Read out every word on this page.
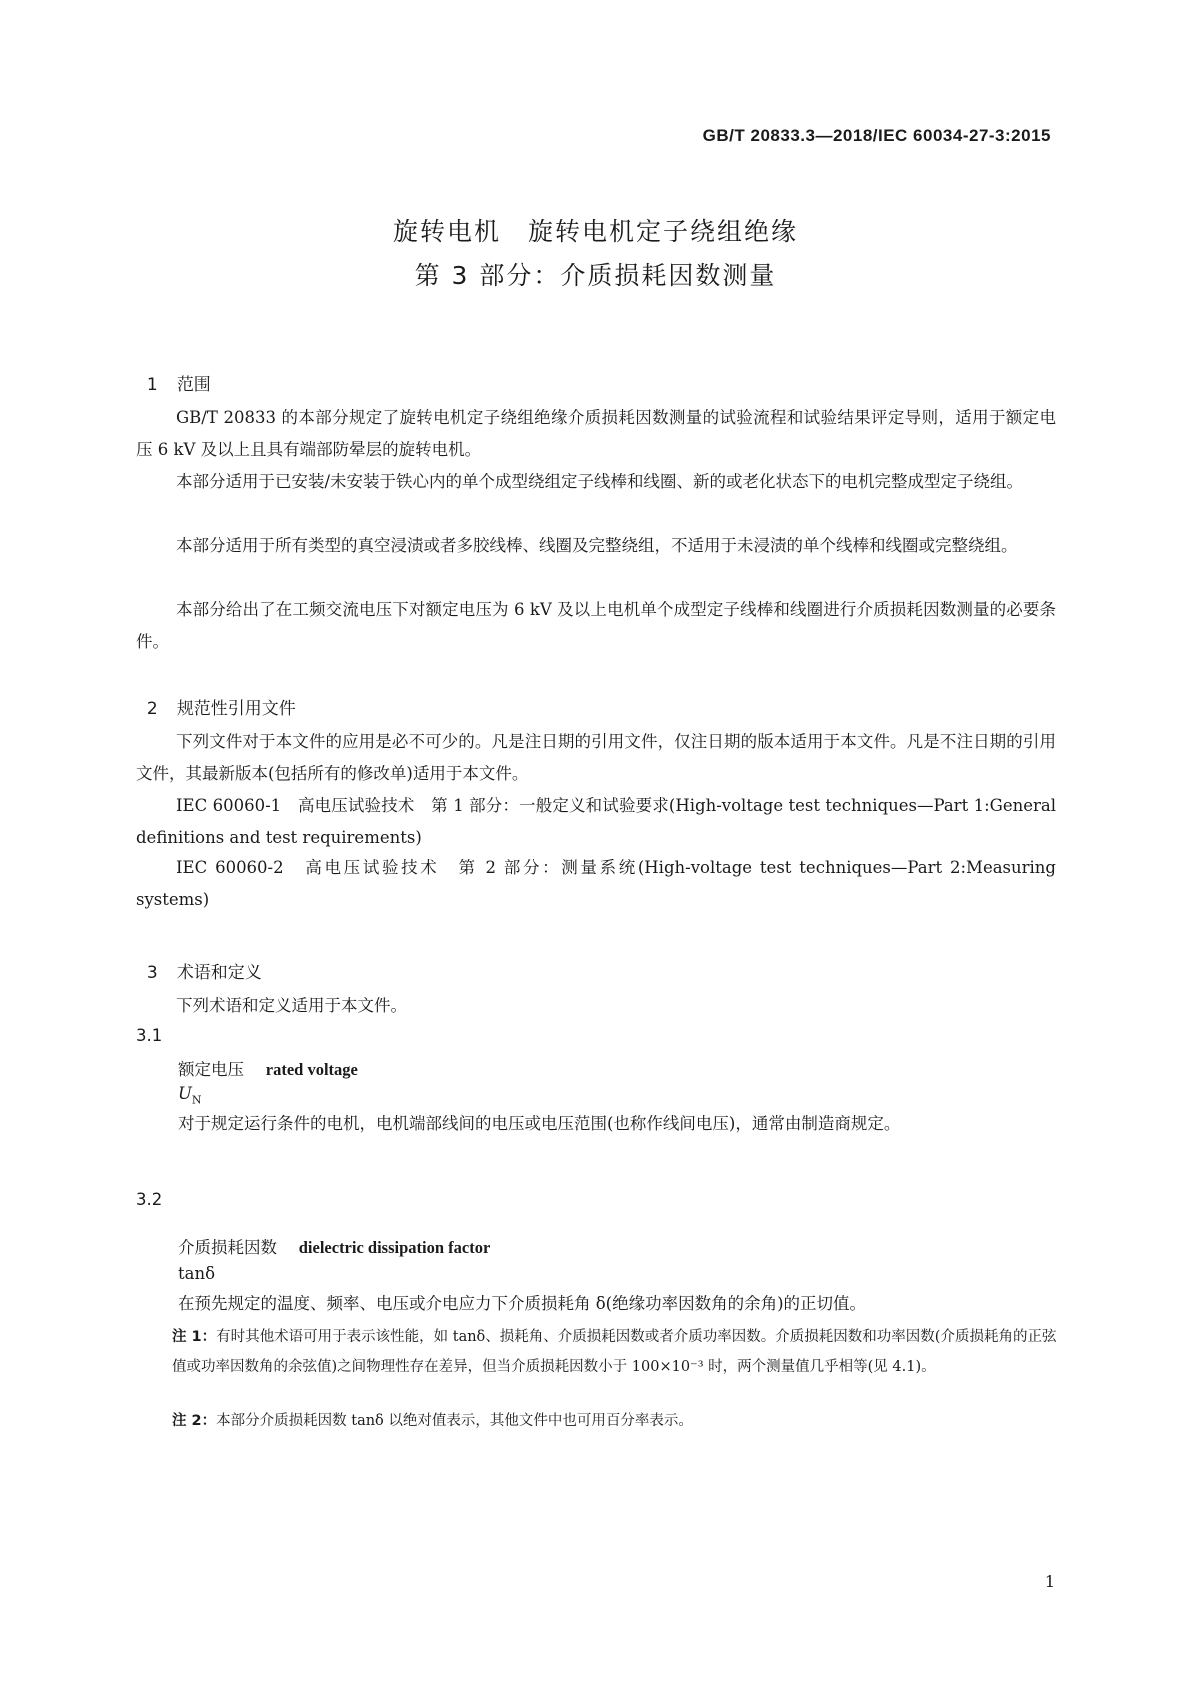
GB/T 20833.3—2018/IEC 60034-27-3:2015
旋转电机　旋转电机定子绕组绝缘
第 3 部分：介质损耗因数测量

1 范围

GB/T 20833 的本部分规定了旋转电机定子绕组绝缘介质损耗因数测量的试验流程和试验结果评定导则，适用于额定电压 6 kV 及以上且具有端部防晕层的旋转电机。

本部分适用于已安装/未安装于铁心内的单个成型绕组定子线棒和线圈、新的或老化状态下的电机完整成型定子绕组。

本部分适用于所有类型的真空浸渍或者多胶线棒、线圈及完整绕组，不适用于未浸渍的单个线棒和线圈或完整绕组。

本部分给出了在工频交流电压下对额定电压为 6 kV 及以上电机单个成型定子线棒和线圈进行介质损耗因数测量的必要条件。

2 规范性引用文件

下列文件对于本文件的应用是必不可少的。凡是注日期的引用文件，仅注日期的版本适用于本文件。凡是不注日期的引用文件，其最新版本(包括所有的修改单)适用于本文件。

IEC 60060-1　高电压试验技术　第 1 部分：一般定义和试验要求(High-voltage test techniques—Part 1:General definitions and test requirements)

IEC 60060-2　高电压试验技术　第 2 部分：测量系统(High-voltage test techniques—Part 2:Measuring systems)

3 术语和定义

下列术语和定义适用于本文件。

3.1
额定电压　 rated voltage
$U_N$

对于规定运行条件的电机，电机端部线间的电压或电压范围(也称作线间电压)，通常由制造商规定。

3.2
介质损耗因数　 dielectric dissipation factor
tanδ

在预先规定的温度、频率、电压或介电应力下介质损耗角 δ(绝缘功率因数角的余角)的正切值。

注 1：有时其他术语可用于表示该性能，如 tanδ、损耗角、介质损耗因数或者介质功率因数。介质损耗因数和功率因数(介质损耗角的正弦值或功率因数角的余弦值)之间物理性存在差异，但当介质损耗因数小于 100×10⁻³ 时，两个测量值几乎相等(见 4.1)。
注 2：本部分介质损耗因数 tanδ 以绝对值表示，其他文件中也可用百分率表示。
1
